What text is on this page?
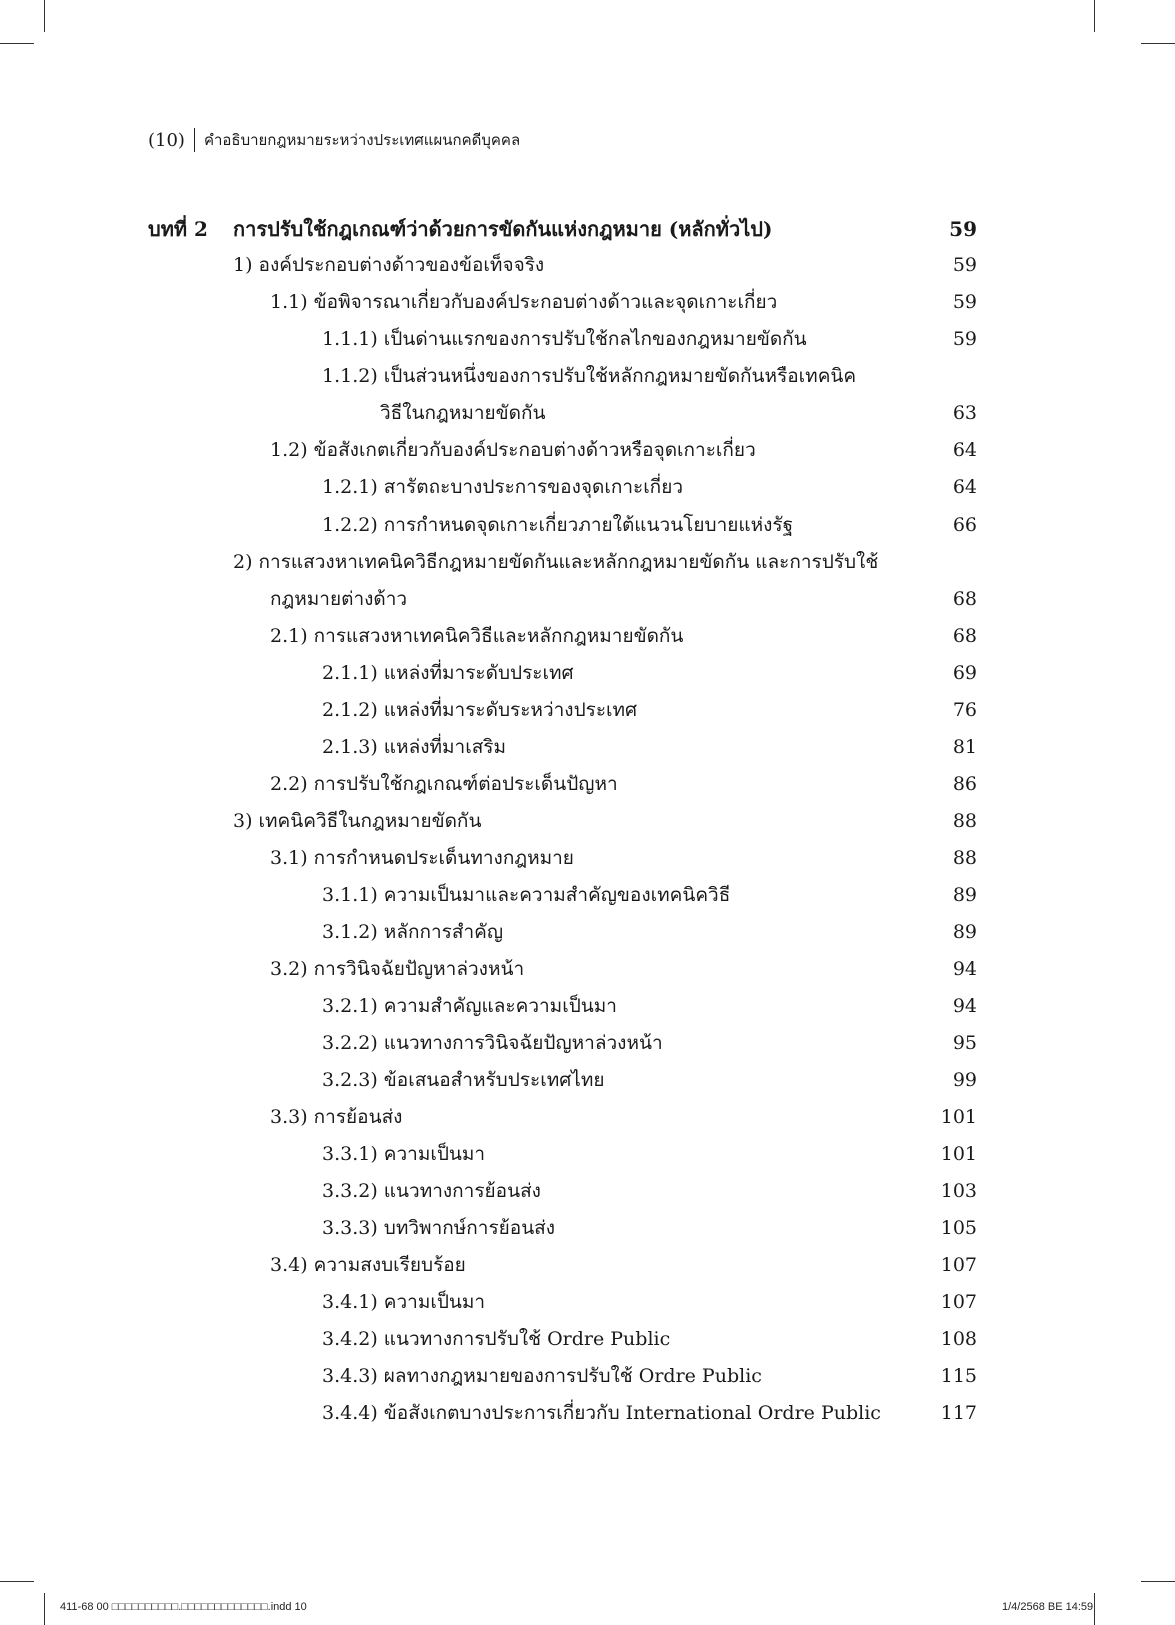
(10) คำอธิบายกฎหมายระหว่างประเทศแผนกคดีบุคคล
บทที่ 2 การปรับใช้กฎเกณฑ์ว่าด้วยการขัดกันแห่งกฎหมาย (หลักทั่วไป)	59
1) องค์ประกอบต่างด้าวของข้อเท็จจริง	59
1.1) ข้อพิจารณาเกี่ยวกับองค์ประกอบต่างด้าวและจุดเกาะเกี่ยว	59
1.1.1) เป็นด่านแรกของการปรับใช้กลไกของกฎหมายขัดกัน	59
1.1.2) เป็นส่วนหนึ่งของการปรับใช้หลักกฎหมายขัดกันหรือเทคนิค
วิธีในกฎหมายขัดกัน	63
1.2) ข้อสังเกตเกี่ยวกับองค์ประกอบต่างด้าวหรือจุดเกาะเกี่ยว	64
1.2.1) สารัตถะบางประการของจุดเกาะเกี่ยว	64
1.2.2) การกำหนดจุดเกาะเกี่ยวภายใต้แนวนโยบายแห่งรัฐ	66
2) การแสวงหาเทคนิควิธีกฎหมายขัดกันและหลักกฎหมายขัดกัน และการปรับใช้
กฎหมายต่างด้าว	68
2.1) การแสวงหาเทคนิควิธีและหลักกฎหมายขัดกัน	68
2.1.1) แหล่งที่มาระดับประเทศ	69
2.1.2) แหล่งที่มาระดับระหว่างประเทศ	76
2.1.3) แหล่งที่มาเสริม	81
2.2) การปรับใช้กฎเกณฑ์ต่อประเด็นปัญหา	86
3) เทคนิควิธีในกฎหมายขัดกัน	88
3.1) การกำหนดประเด็นทางกฎหมาย	88
3.1.1) ความเป็นมาและความสำคัญของเทคนิควิธี	89
3.1.2) หลักการสำคัญ	89
3.2) การวินิจฉัยปัญหาล่วงหน้า	94
3.2.1) ความสำคัญและความเป็นมา	94
3.2.2) แนวทางการวินิจฉัยปัญหาล่วงหน้า	95
3.2.3) ข้อเสนอสำหรับประเทศไทย	99
3.3) การย้อนส่ง	101
3.3.1) ความเป็นมา	101
3.3.2) แนวทางการย้อนส่ง	103
3.3.3) บทวิพากษ์การย้อนส่ง	105
3.4) ความสงบเรียบร้อย	107
3.4.1) ความเป็นมา	107
3.4.2) แนวทางการปรับใช้ Ordre Public	108
3.4.3) ผลทางกฎหมายของการปรับใช้ Ordre Public	115
3.4.4) ข้อสังเกตบางประการเกี่ยวกับ International Ordre Public	117
411-68 00 □□□□□□□□□□.□□□□□□□□□□□□□.indd 10	1/4/2568 BE 14:59
